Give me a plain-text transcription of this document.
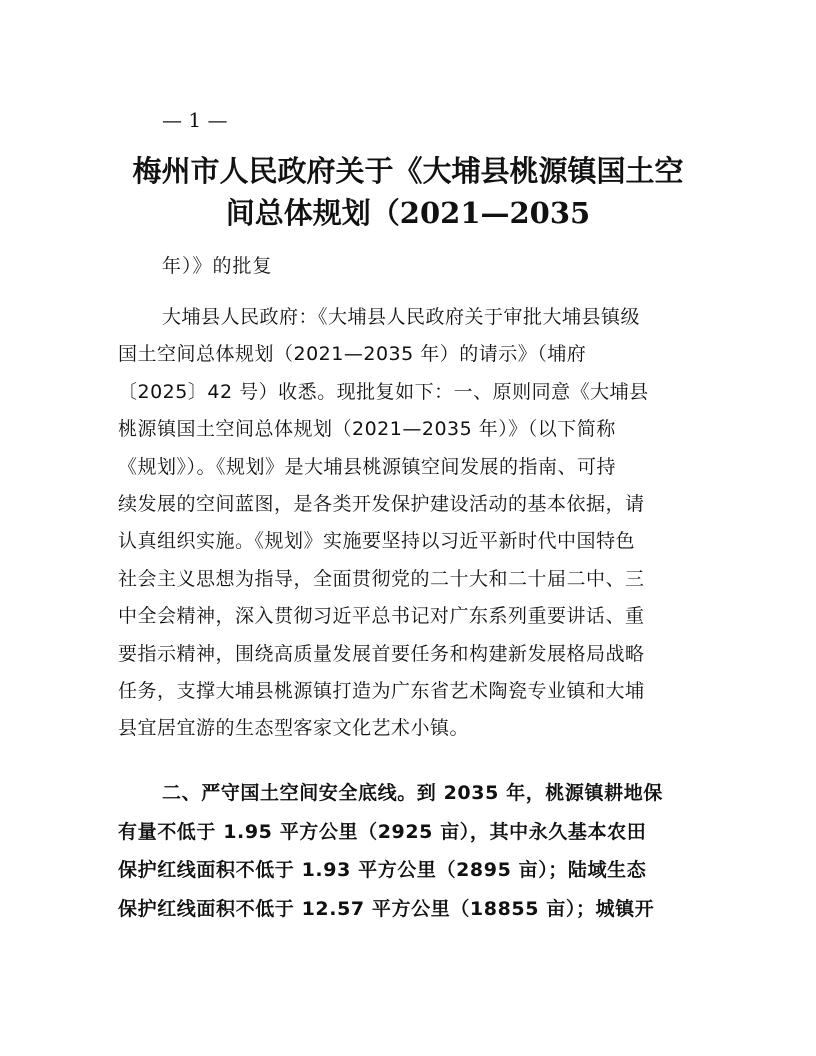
— 1 —
梅州市人民政府关于《大埔县桃源镇国土空
间总体规划（2021—2035
年）》的批复
大埔县人民政府：《大埔县人民政府关于审批大埔县镇级
国土空间总体规划（2021—2035 年）的请示》（埔府
〔2025〕42 号）收悉。现批复如下：一、原则同意《大埔县
桃源镇国土空间总体规划（2021—2035 年）》（以下简称
《规划》）。《规划》是大埔县桃源镇空间发展的指南、可持
续发展的空间蓝图，是各类开发保护建设活动的基本依据，请
认真组织实施。《规划》实施要坚持以习近平新时代中国特色
社会主义思想为指导，全面贯彻党的二十大和二十届二中、三
中全会精神，深入贯彻习近平总书记对广东系列重要讲话、重
要指示精神，围绕高质量发展首要任务和构建新发展格局战略
任务，支撑大埔县桃源镇打造为广东省艺术陶瓷专业镇和大埔
县宜居宜游的生态型客家文化艺术小镇。
二、严守国土空间安全底线。到 2035 年，桃源镇耕地保
有量不低于 1.95 平方公里（2925 亩），其中永久基本农田
保护红线面积不低于 1.93 平方公里（2895 亩）；陆域生态
保护红线面积不低于 12.57 平方公里（18855 亩）；城镇开
